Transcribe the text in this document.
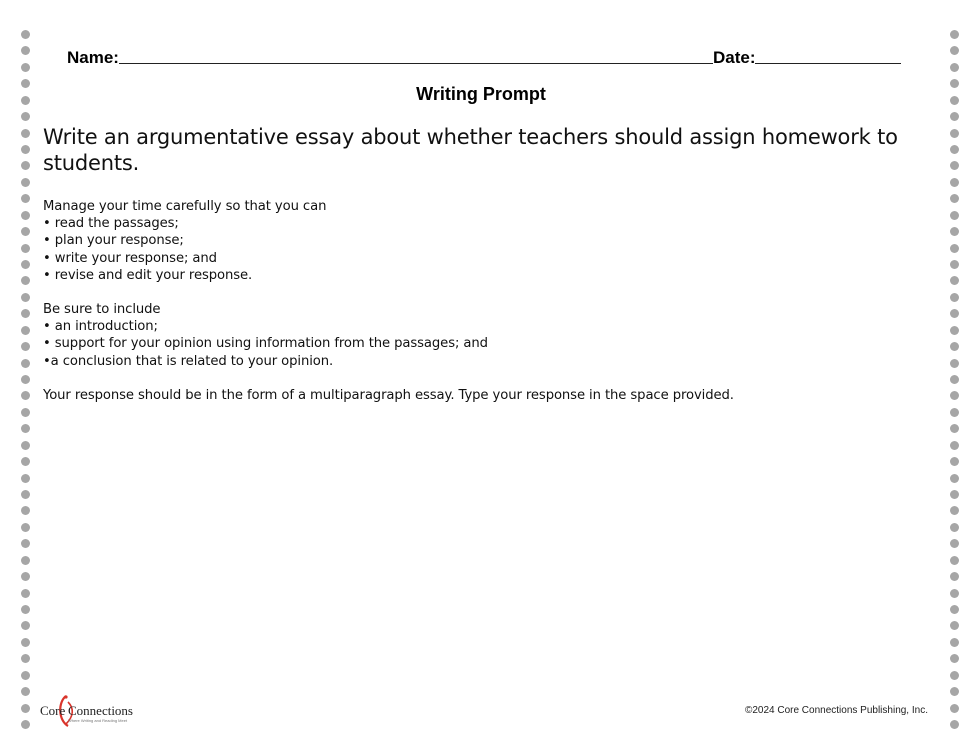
Name:	Date:
Writing Prompt
Write an argumentative essay about whether teachers should assign homework to students.
Manage your time carefully so that you can
• read the passages;
• plan your response;
• write your response; and
• revise and edit your response.
Be sure to include
• an introduction;
• support for your opinion using information from the passages; and
•a conclusion that is related to your opinion.
Your response should be in the form of a multiparagraph essay. Type your response in the space provided.
Core Connections
Where Writing and Reading Meet
©2024 Core Connections Publishing, Inc.
